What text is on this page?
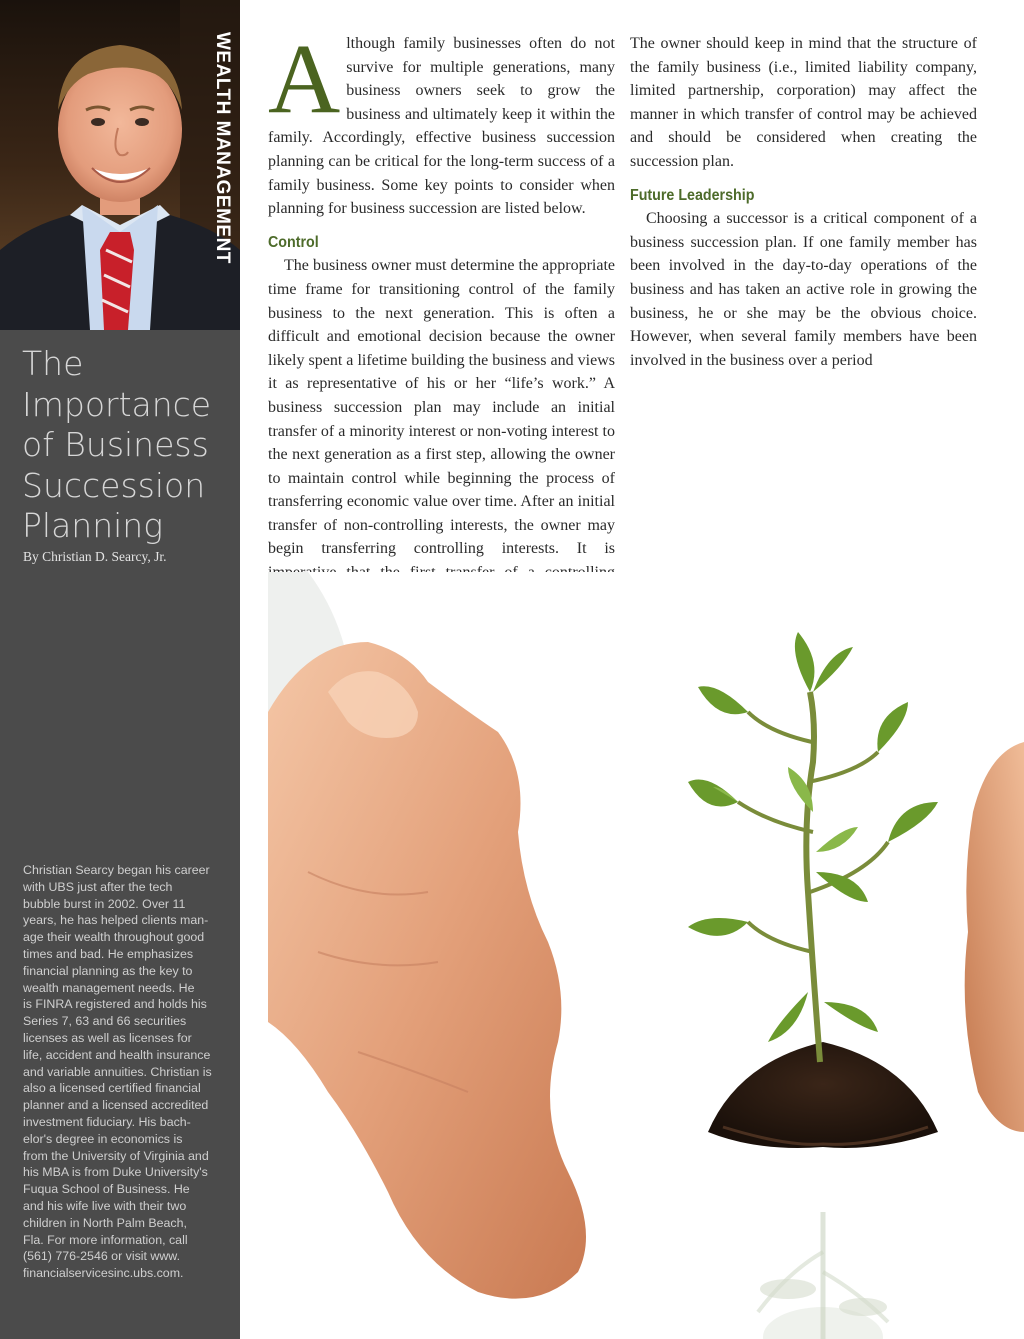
WEALTH MANAGEMENT
The
Importance
of Business
Succession
Planning
By Christian D. Searcy, Jr.
Christian Searcy began his career
with UBS just after the tech
bubble burst in 2002. Over 11
years, he has helped clients man-
age their wealth throughout good
times and bad. He emphasizes
financial planning as the key to
wealth management needs. He
is FINRA registered and holds his
Series 7, 63 and 66 securities
licenses as well as licenses for
life, accident and health insurance
and variable annuities. Christian is
also a licensed certified financial
planner and a licensed accredited
investment fiduciary. His bach-
elor's degree in economics is
from the University of Virginia and
his MBA is from Duke University's
Fuqua School of Business. He
and his wife live with their two
children in North Palm Beach,
Fla. For more information, call
(561) 776-2546 or visit www.
financialservicesinc.ubs.com.
A lthough family businesses often do not survive for multiple generations, many business owners seek to grow the business and ultimately keep it within the family. Accordingly, effective business succession planning can be critical for the long-term success of a family business. Some key points to consider when planning for business succession are listed below.

Control

The business owner must determine the appropriate time frame for transitioning control of the family business to the next generation. This is often a difficult and emotional decision because the owner likely spent a lifetime building the business and views it as representative of his or her “life’s work.” A business succession plan may include an initial transfer of a minority interest or non-voting interest to the next generation as a first step, allowing the owner to maintain control while beginning the process of transferring economic value over time. After an initial transfer of non-controlling interests, the owner may begin transferring controlling interests. It is

The owner should keep in mind that the structure of the family business (i.e., limited liability company, limited partnership, corporation) may affect the manner in which transfer of control may be achieved and should be considered when creating the succession plan.

Future Leadership

Choosing a successor is a critical component of a business succession plan. If one family member has been involved in the day-to-day operations of the business and has taken an active role in growing the business, he or she may be the obvious choice. However, when several family members have been involved in the business over a period
